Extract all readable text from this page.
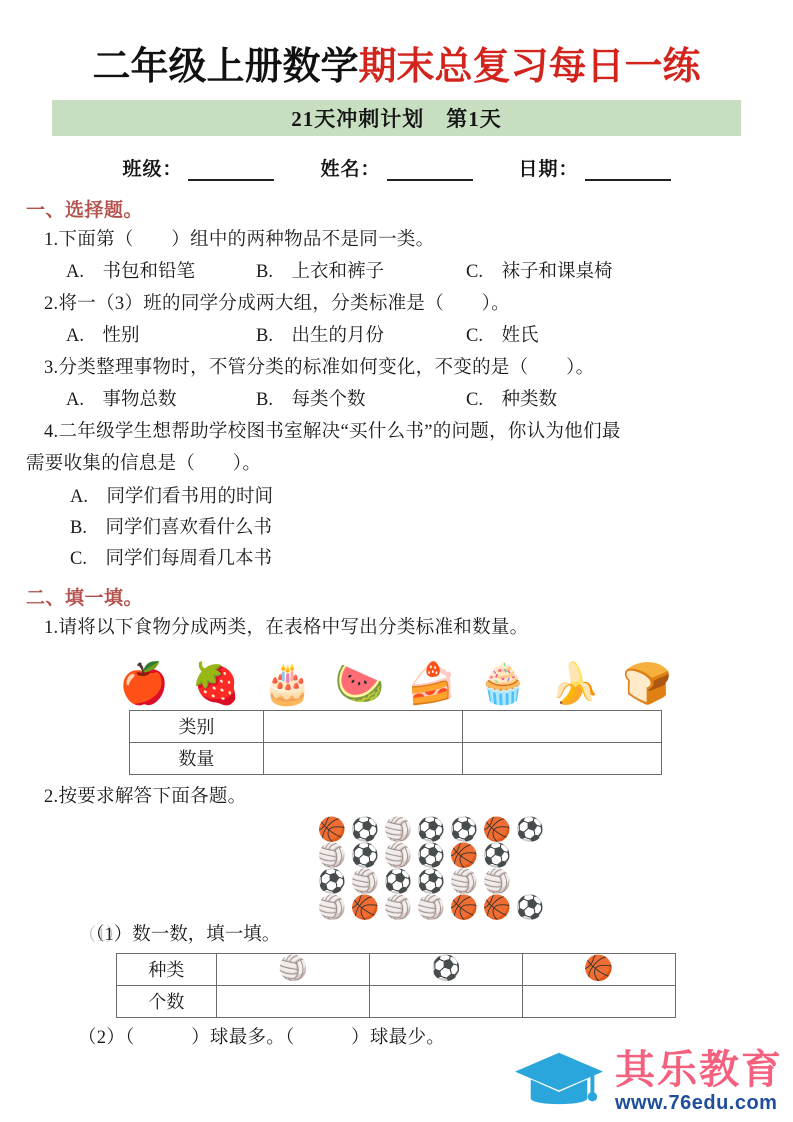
二年级上册数学期末总复习每日一练
21天冲刺计划　第1天
班级：	姓名：	日期：
一、选择题。
1.下面第（　　）组中的两种物品不是同一类。
A.　书包和铅笔	B.　上衣和裤子	C.　袜子和课桌椅
2.将一（3）班的同学分成两大组，分类标准是（　　）。
A.　性别	B.　出生的月份	C.　姓氏
3.分类整理事物时，不管分类的标准如何变化，不变的是（　　）。
A.　事物总数	B.　每类个数	C.　种类数
4.二年级学生想帮助学校图书室解决“买什么书”的问题，你认为他们最
需要收集的信息是（　　）。
A.　同学们看书用的时间
B.　同学们喜欢看什么书
C.　同学们每周看几本书
二、填一填。
1.请将以下食物分成两类，在表格中写出分类标准和数量。
🍎 🍓 🎂 🍉 🍰 🧁 🍌 🍞
类别		
数量		
2.按要求解答下面各题。
🏀 ⚽ 🏐 ⚽ ⚽ 🏀 ⚽
🏐 ⚽ 🏐 ⚽ 🏀 ⚽
⚽ 🏐 ⚽ ⚽ 🏐 🏐
🏐 🏀 🏐 🏐 🏀 🏀 ⚽
（1） （1）数一数，填一填。
种类	🏐	⚽	🏀
个数			
（2）（　　　）球最多。（　　　）球最少。
其乐教育
www.76edu.com
